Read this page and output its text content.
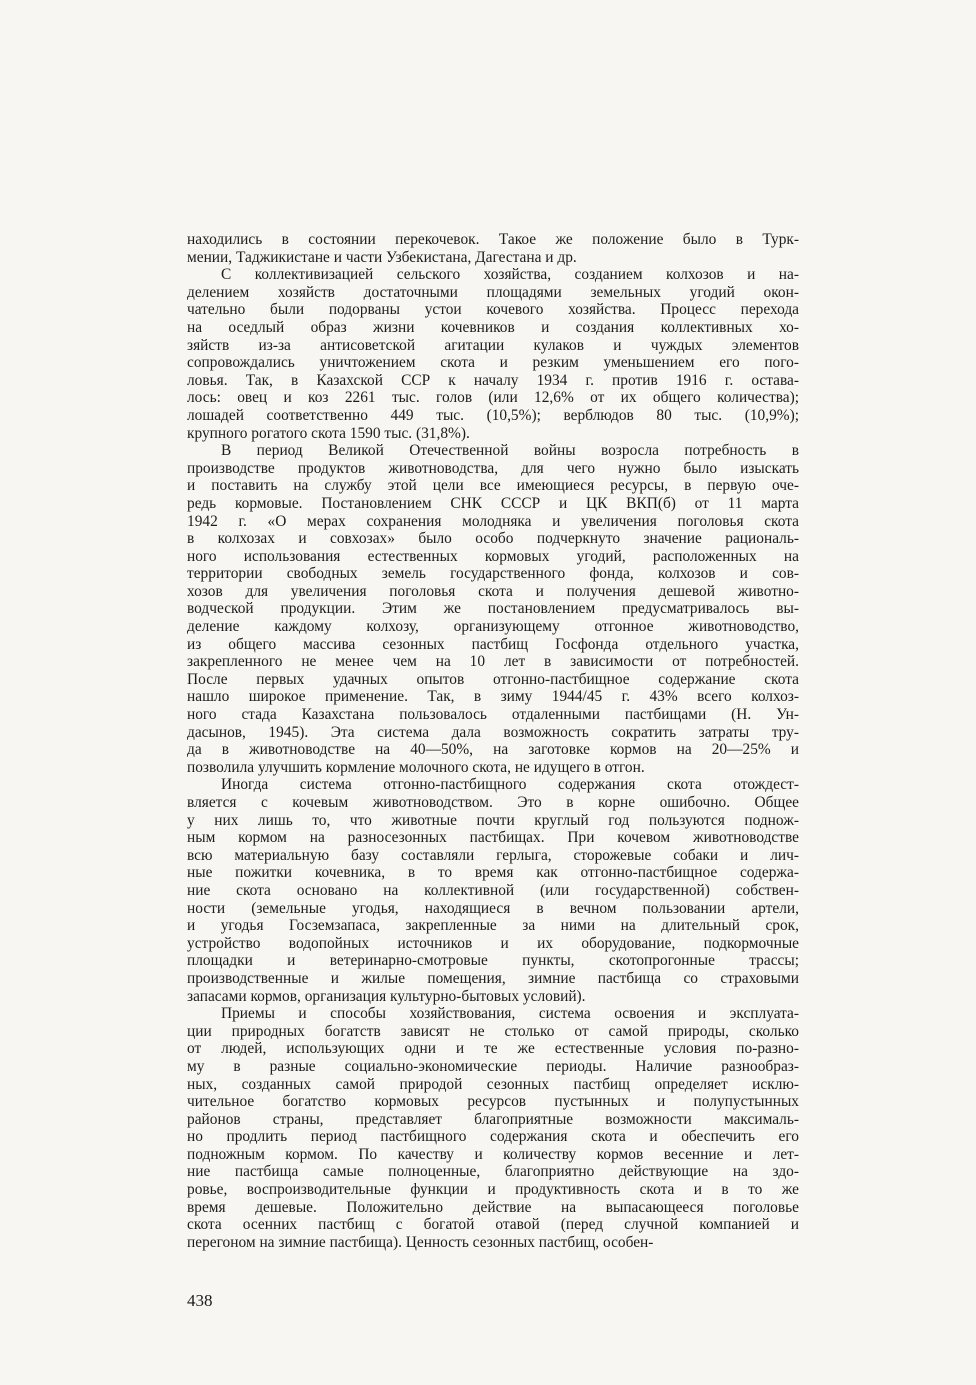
находились в состоянии перекочевок. Такое же положение было в Турк-
мении, Таджикистане и части Узбекистана, Дагестана и др.
С коллективизацией сельского хозяйства, созданием колхозов и на-
делением хозяйств достаточными площадями земельных угодий окон-
чательно были подорваны устои кочевого хозяйства. Процесс перехода
на оседлый образ жизни кочевников и создания коллективных хо-
зяйств из-за антисоветской агитации кулаков и чуждых элементов
сопровождались уничтожением скота и резким уменьшением его пого-
ловья. Так, в Казахской ССР к началу 1934 г. против 1916 г. остава-
лось: овец и коз 2261 тыс. голов (или 12,6% от их общего количества);
лошадей соответственно 449 тыс. (10,5%); верблюдов 80 тыс. (10,9%);
крупного рогатого скота 1590 тыс. (31,8%).
В период Великой Отечественной войны возросла потребность в
производстве продуктов животноводства, для чего нужно было изыскать
и поставить на службу этой цели все имеющиеся ресурсы, в первую оче-
редь кормовые. Постановлением СНК СССР и ЦК ВКП(б) от 11 марта
1942 г. «О мерах сохранения молодняка и увеличения поголовья скота
в колхозах и совхозах» было особо подчеркнуто значение рациональ-
ного использования естественных кормовых угодий, расположенных на
территории свободных земель государственного фонда, колхозов и сов-
хозов для увеличения поголовья скота и получения дешевой животно-
водческой продукции. Этим же постановлением предусматривалось вы-
деление каждому колхозу, организующему отгонное животноводство,
из общего массива сезонных пастбищ Госфонда отдельного участка,
закрепленного не менее чем на 10 лет в зависимости от потребностей.
После первых удачных опытов отгонно-пастбищное содержание скота
нашло широкое применение. Так, в зиму 1944/45 г. 43% всего колхоз-
ного стада Казахстана пользовалось отдаленными пастбищами (Н. Ун-
дасынов, 1945). Эта система дала возможность сократить затраты тру-
да в животноводстве на 40—50%, на заготовке кормов на 20—25% и
позволила улучшить кормление молочного скота, не идущего в отгон.
Иногда система отгонно-пастбищного содержания скота отождест-
вляется с кочевым животноводством. Это в корне ошибочно. Общее
у них лишь то, что животные почти круглый год пользуются поднож-
ным кормом на разносезонных пастбищах. При кочевом животноводстве
всю материальную базу составляли герлыга, сторожевые собаки и лич-
ные пожитки кочевника, в то время как отгонно-пастбищное содержа-
ние скота основано на коллективной (или государственной) собствен-
ности (земельные угодья, находящиеся в вечном пользовании артели,
и угодья Госземзапаса, закрепленные за ними на длительный срок,
устройство водопойных источников и их оборудование, подкормочные
площадки и ветеринарно-смотровые пункты, скотопрогонные трассы;
производственные и жилые помещения, зимние пастбища со страховыми
запасами кормов, организация культурно-бытовых условий).
Приемы и способы хозяйствования, система освоения и эксплуата-
ции природных богатств зависят не столько от самой природы, сколько
от людей, использующих одни и те же естественные условия по-разно-
му в разные социально-экономические периоды. Наличие разнообраз-
ных, созданных самой природой сезонных пастбищ определяет исклю-
чительное богатство кормовых ресурсов пустынных и полупустынных
районов страны, представляет благоприятные возможности максималь-
но продлить период пастбищного содержания скота и обеспечить его
подножным кормом. По качеству и количеству кормов весенние и лет-
ние пастбища самые полноценные, благоприятно действующие на здо-
ровье, воспроизводительные функции и продуктивность скота и в то же
время дешевые. Положительно действие на выпасающееся поголовье
скота осенних пастбищ с богатой отавой (перед случной компанией и
перегоном на зимние пастбища). Ценность сезонных пастбищ, особен-
438
